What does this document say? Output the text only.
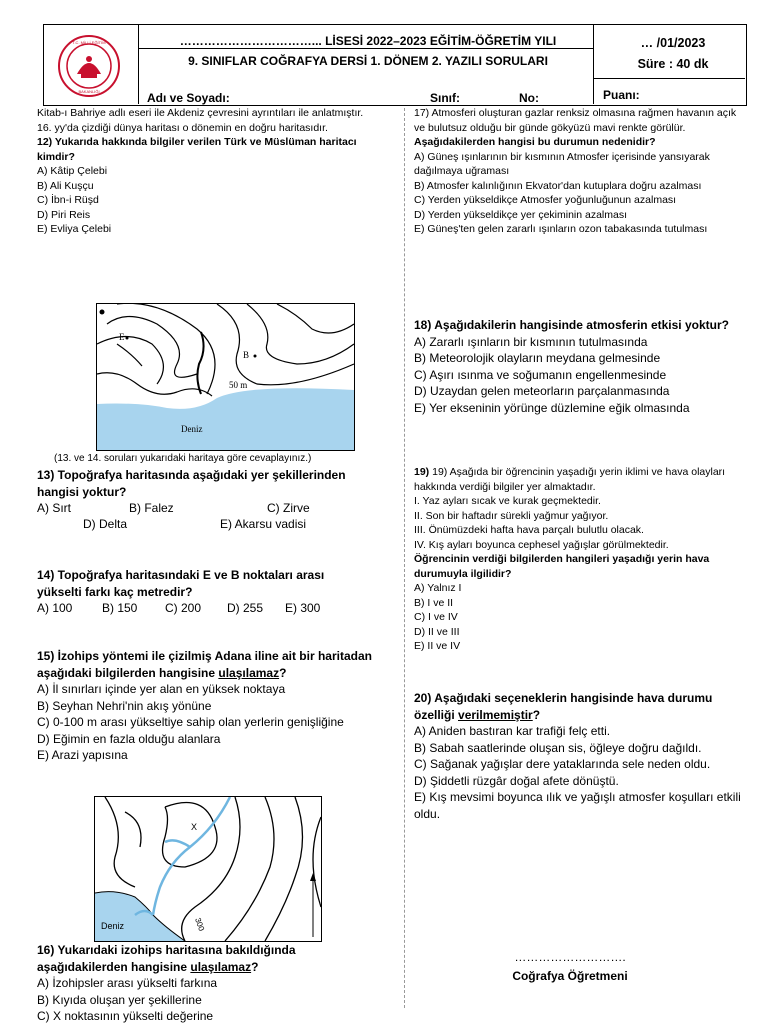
T.C. MİLLİ EĞİTİM
BAKANLIĞI
……………………………... LİSESİ 2022–2023 EĞİTİM-ÖĞRETİM YILI
9. SINIFLAR COĞRAFYA DERSİ 1. DÖNEM 2. YAZILI SORULARI
… /01/2023
Süre : 40 dk
Adı ve Soyadı:	Sınıf:	No:	Puanı:
Kitab-ı Bahriye adlı eseri ile Akdeniz çevresini ayrıntıları ile anlatmıştır. 16. yy'da çizdiği dünya haritası o dönemin en doğru haritasıdır.
12) Yukarıda hakkında bilgiler verilen Türk ve Müslüman haritacı kimdir?
A) Kâtip Çelebi
B) Ali Kuşçu
C) İbn-i Rüşd
D) Piri Reis
E) Evliya Çelebi
E
B
50 m
Deniz
(13. ve 14. soruları yukarıdaki haritaya göre cevaplayınız.)
13) Topoğrafya haritasında aşağıdaki yer şekillerinden hangisi yoktur?
A) Sırt	B) Falez	C) Zirve
D) Delta	E) Akarsu vadisi
14) Topoğrafya haritasındaki E ve B noktaları arası yükselti farkı kaç metredir?
A) 100 B) 150 C) 200 D) 255 E) 300
15) İzohips yöntemi ile çizilmiş Adana iline ait bir haritadan aşağıdaki bilgilerden hangisine ulaşılamaz?
A) İl sınırları içinde yer alan en yüksek noktaya
B) Seyhan Nehri'nin akış yönüne
C) 0-100 m arası yükseltiye sahip olan yerlerin genişliğine
D) Eğimin en fazla olduğu alanlara
E) Arazi yapısına
X
300
Deniz
16) Yukarıdaki izohips haritasına bakıldığında aşağıdakilerden hangisine ulaşılamaz?
A) İzohipsler arası yükselti farkına
B) Kıyıda oluşan yer şekillerine
C) X noktasının yükselti değerine
17) Atmosferi oluşturan gazlar renksiz olmasına rağmen havanın açık ve bulutsuz olduğu bir günde gökyüzü mavi renkte görülür.
Aşağıdakilerden hangisi bu durumun nedenidir?
A) Güneş ışınlarının bir kısmının Atmosfer içerisinde yansıyarak dağılmaya uğraması
B) Atmosfer kalınlığının Ekvator'dan kutuplara doğru azalması
C) Yerden yükseldikçe Atmosfer yoğunluğunun azalması
D) Yerden yükseldikçe yer çekiminin azalması
E) Güneş'ten gelen zararlı ışınların ozon tabakasında tutulması
18) Aşağıdakilerin hangisinde atmosferin etkisi yoktur?
A) Zararlı ışınların bir kısmının tutulmasında
B) Meteorolojik olayların meydana gelmesinde
C) Aşırı ısınma ve soğumanın engellenmesinde
D) Uzaydan gelen meteorların parçalanmasında
E) Yer ekseninin yörünge düzlemine eğik olmasında
19) 19) Aşağıda bir öğrencinin yaşadığı yerin iklimi ve hava olayları hakkında verdiği bilgiler yer almaktadır.
I. Yaz ayları sıcak ve kurak geçmektedir.
II. Son bir haftadır sürekli yağmur yağıyor.
III. Önümüzdeki hafta hava parçalı bulutlu olacak.
IV. Kış ayları boyunca cephesel yağışlar görülmektedir.
Öğrencinin verdiği bilgilerden hangileri yaşadığı yerin hava durumuyla ilgilidir?
A) Yalnız I
B) I ve II
C) I ve IV
D) II ve III
E) II ve IV
20) Aşağıdaki seçeneklerin hangisinde hava durumu özelliği verilmemiştir?
A) Aniden bastıran kar trafiği felç etti.
B) Sabah saatlerinde oluşan sis, öğleye doğru dağıldı.
C) Sağanak yağışlar dere yataklarında sele neden oldu.
D) Şiddetli rüzgâr doğal afete dönüştü.
E) Kış mevsimi boyunca ılık ve yağışlı atmosfer koşulları etkili oldu.
……………………….
Coğrafya Öğretmeni
